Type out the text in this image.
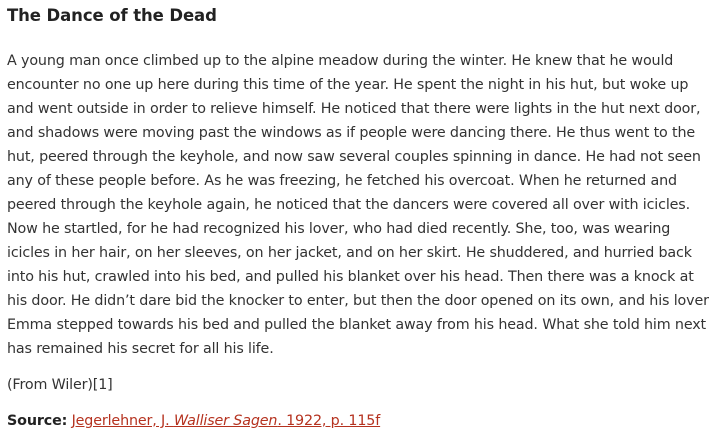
The Dance of the Dead

A young man once climbed up to the alpine meadow during the winter. He knew that he would encounter no one up here during this time of the year. He spent the night in his hut, but woke up and went outside in order to relieve himself. He noticed that there were lights in the hut next door, and shadows were moving past the windows as if people were dancing there. He thus went to the hut, peered through the keyhole, and now saw several couples spinning in dance. He had not seen any of these people before. As he was freezing, he fetched his overcoat. When he returned and peered through the keyhole again, he noticed that the dancers were covered all over with icicles. Now he startled, for he had recognized his lover, who had died recently. She, too, was wearing icicles in her hair, on her sleeves, on her jacket, and on her skirt. He shuddered, and hurried back into his hut, crawled into his bed, and pulled his blanket over his head. Then there was a knock at his door. He didn’t dare bid the knocker to enter, but then the door opened on its own, and his lover Emma stepped towards his bed and pulled the blanket away from his head. What she told him next has remained his secret for all his life.

(From Wiler)[1]

Source: Jegerlehner, J. Walliser Sagen. 1922, p. 115f
